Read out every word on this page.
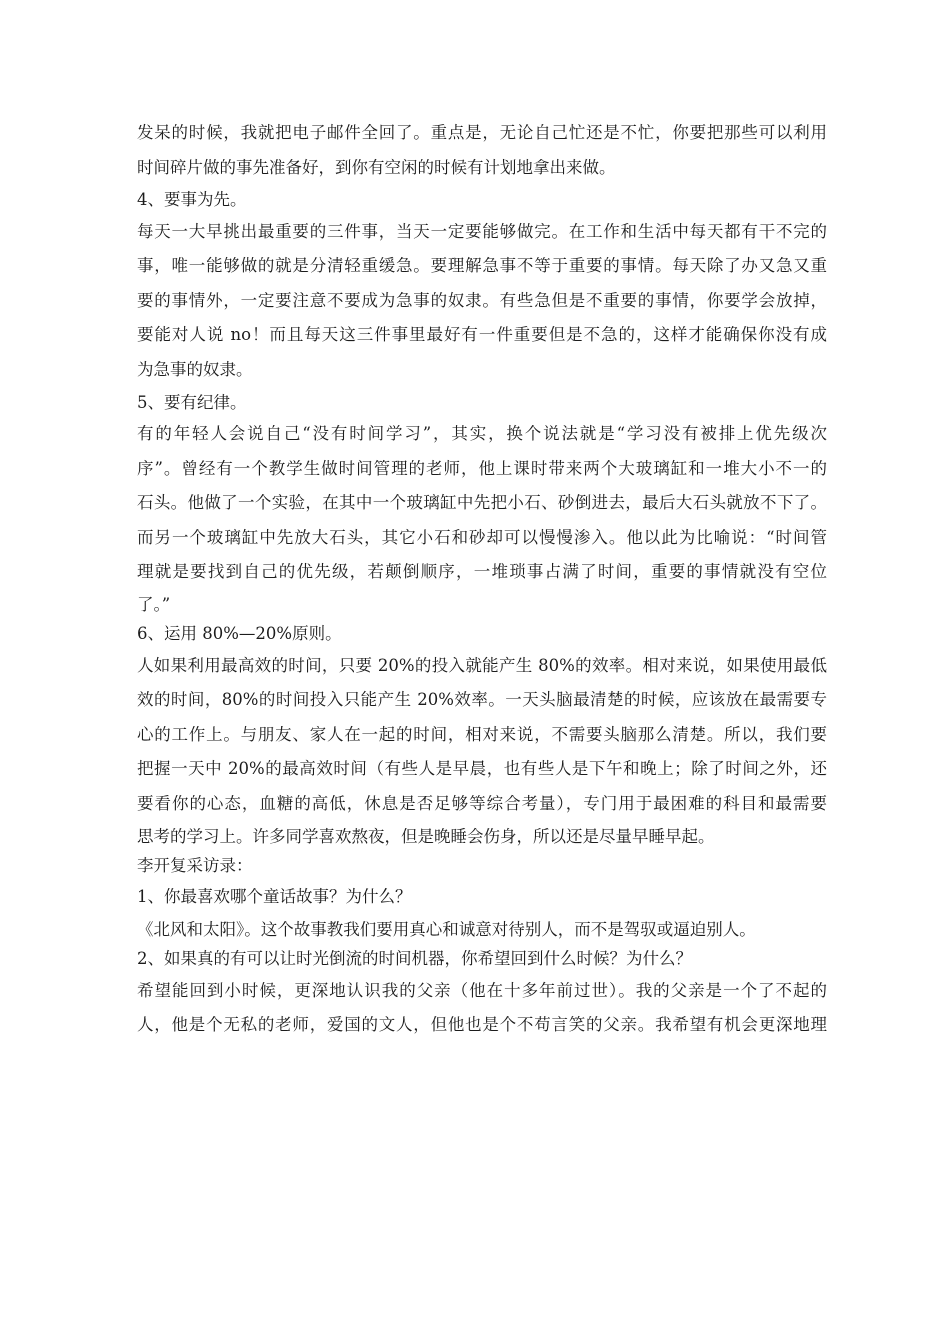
发呆的时候，我就把电子邮件全回了。重点是，无论自己忙还是不忙，你要把那些可以利用
时间碎片做的事先准备好，到你有空闲的时候有计划地拿出来做。
4、要事为先。
每天一大早挑出最重要的三件事，当天一定要能够做完。在工作和生活中每天都有干不完的
事，唯一能够做的就是分清轻重缓急。要理解急事不等于重要的事情。每天除了办又急又重
要的事情外，一定要注意不要成为急事的奴隶。有些急但是不重要的事情，你要学会放掉，
要能对人说 no！而且每天这三件事里最好有一件重要但是不急的，这样才能确保你没有成
为急事的奴隶。
5、要有纪律。
有的年轻人会说自己“没有时间学习”，其实，换个说法就是“学习没有被排上优先级次
序”。曾经有一个教学生做时间管理的老师，他上课时带来两个大玻璃缸和一堆大小不一的
石头。他做了一个实验，在其中一个玻璃缸中先把小石、砂倒进去，最后大石头就放不下了。
而另一个玻璃缸中先放大石头，其它小石和砂却可以慢慢渗入。他以此为比喻说：“时间管
理就是要找到自己的优先级，若颠倒顺序，一堆琐事占满了时间，重要的事情就没有空位
了。”
6、运用 80%—20%原则。
人如果利用最高效的时间，只要 20%的投入就能产生 80%的效率。相对来说，如果使用最低
效的时间，80%的时间投入只能产生 20%效率。一天头脑最清楚的时候，应该放在最需要专
心的工作上。与朋友、家人在一起的时间，相对来说，不需要头脑那么清楚。所以，我们要
把握一天中 20%的最高效时间（有些人是早晨，也有些人是下午和晚上；除了时间之外，还
要看你的心态，血糖的高低，休息是否足够等综合考量），专门用于最困难的科目和最需要
思考的学习上。许多同学喜欢熬夜，但是晚睡会伤身，所以还是尽量早睡早起。
李开复采访录：
1、你最喜欢哪个童话故事？为什么？
《北风和太阳》。这个故事教我们要用真心和诚意对待别人，而不是驾驭或逼迫别人。
2、如果真的有可以让时光倒流的时间机器，你希望回到什么时候？为什么？
希望能回到小时候，更深地认识我的父亲（他在十多年前过世）。我的父亲是一个了不起的
人，他是个无私的老师，爱国的文人，但他也是个不苟言笑的父亲。我希望有机会更深地理
